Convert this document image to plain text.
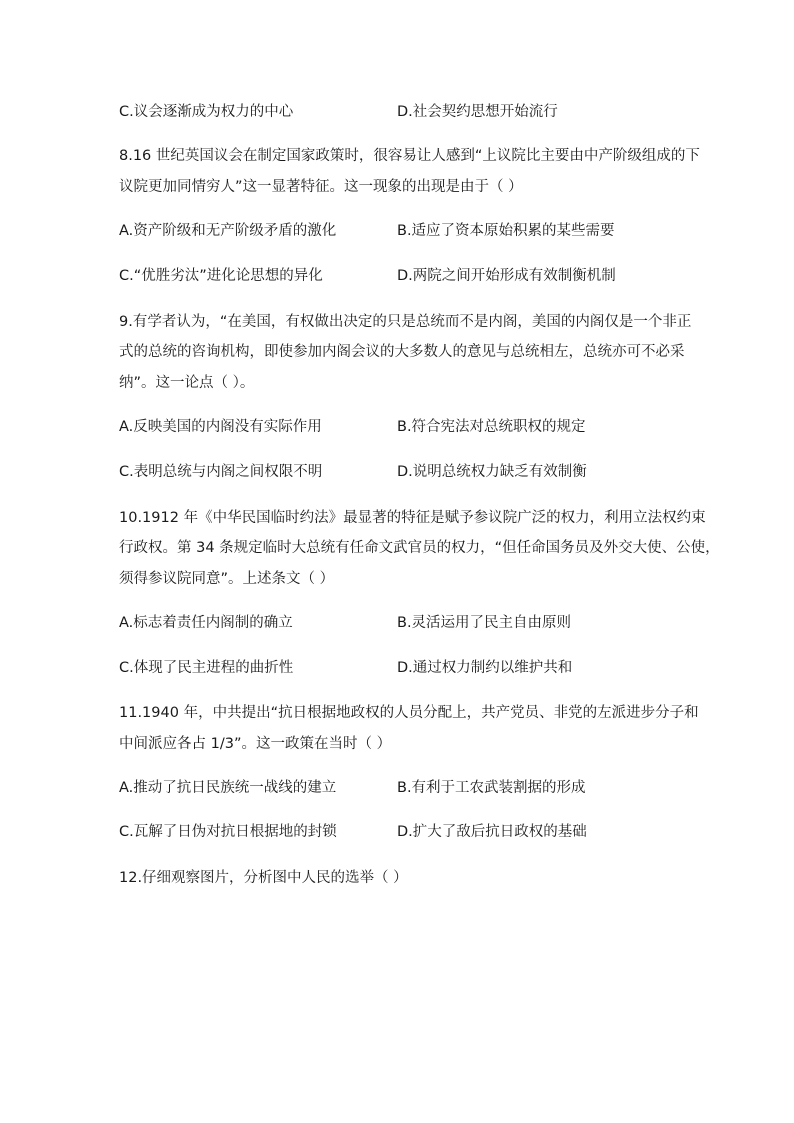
C.议会逐渐成为权力的中心	D.社会契约思想开始流行
8.16 世纪英国议会在制定国家政策时，很容易让人感到“上议院比主要由中产阶级组成的下
议院更加同情穷人”这一显著特征。这一现象的出现是由于（ ）
A.资产阶级和无产阶级矛盾的激化	B.适应了资本原始积累的某些需要
C.“优胜劣汰”进化论思想的异化	D.两院之间开始形成有效制衡机制
9.有学者认为，“在美国，有权做出决定的只是总统而不是内阁，美国的内阁仅是一个非正
式的总统的咨询机构，即使参加内阁会议的大多数人的意见与总统相左，总统亦可不必采
纳”。这一论点（ ）。
A.反映美国的内阁没有实际作用	B.符合宪法对总统职权的规定
C.表明总统与内阁之间权限不明	D.说明总统权力缺乏有效制衡
10.1912 年《中华民国临时约法》最显著的特征是赋予参议院广泛的权力，利用立法权约束
行政权。第 34 条规定临时大总统有任命文武官员的权力，“但任命国务员及外交大使、公使，
须得参议院同意”。上述条文（ ）
A.标志着责任内阁制的确立	B.灵活运用了民主自由原则
C.体现了民主进程的曲折性	D.通过权力制约以维护共和
11.1940 年，中共提出“抗日根据地政权的人员分配上，共产党员、非党的左派进步分子和
中间派应各占 1/3”。这一政策在当时（ ）
A.推动了抗日民族统一战线的建立	B.有利于工农武装割据的形成
C.瓦解了日伪对抗日根据地的封锁	D.扩大了敌后抗日政权的基础
12.仔细观察图片，分析图中人民的选举（ ）
